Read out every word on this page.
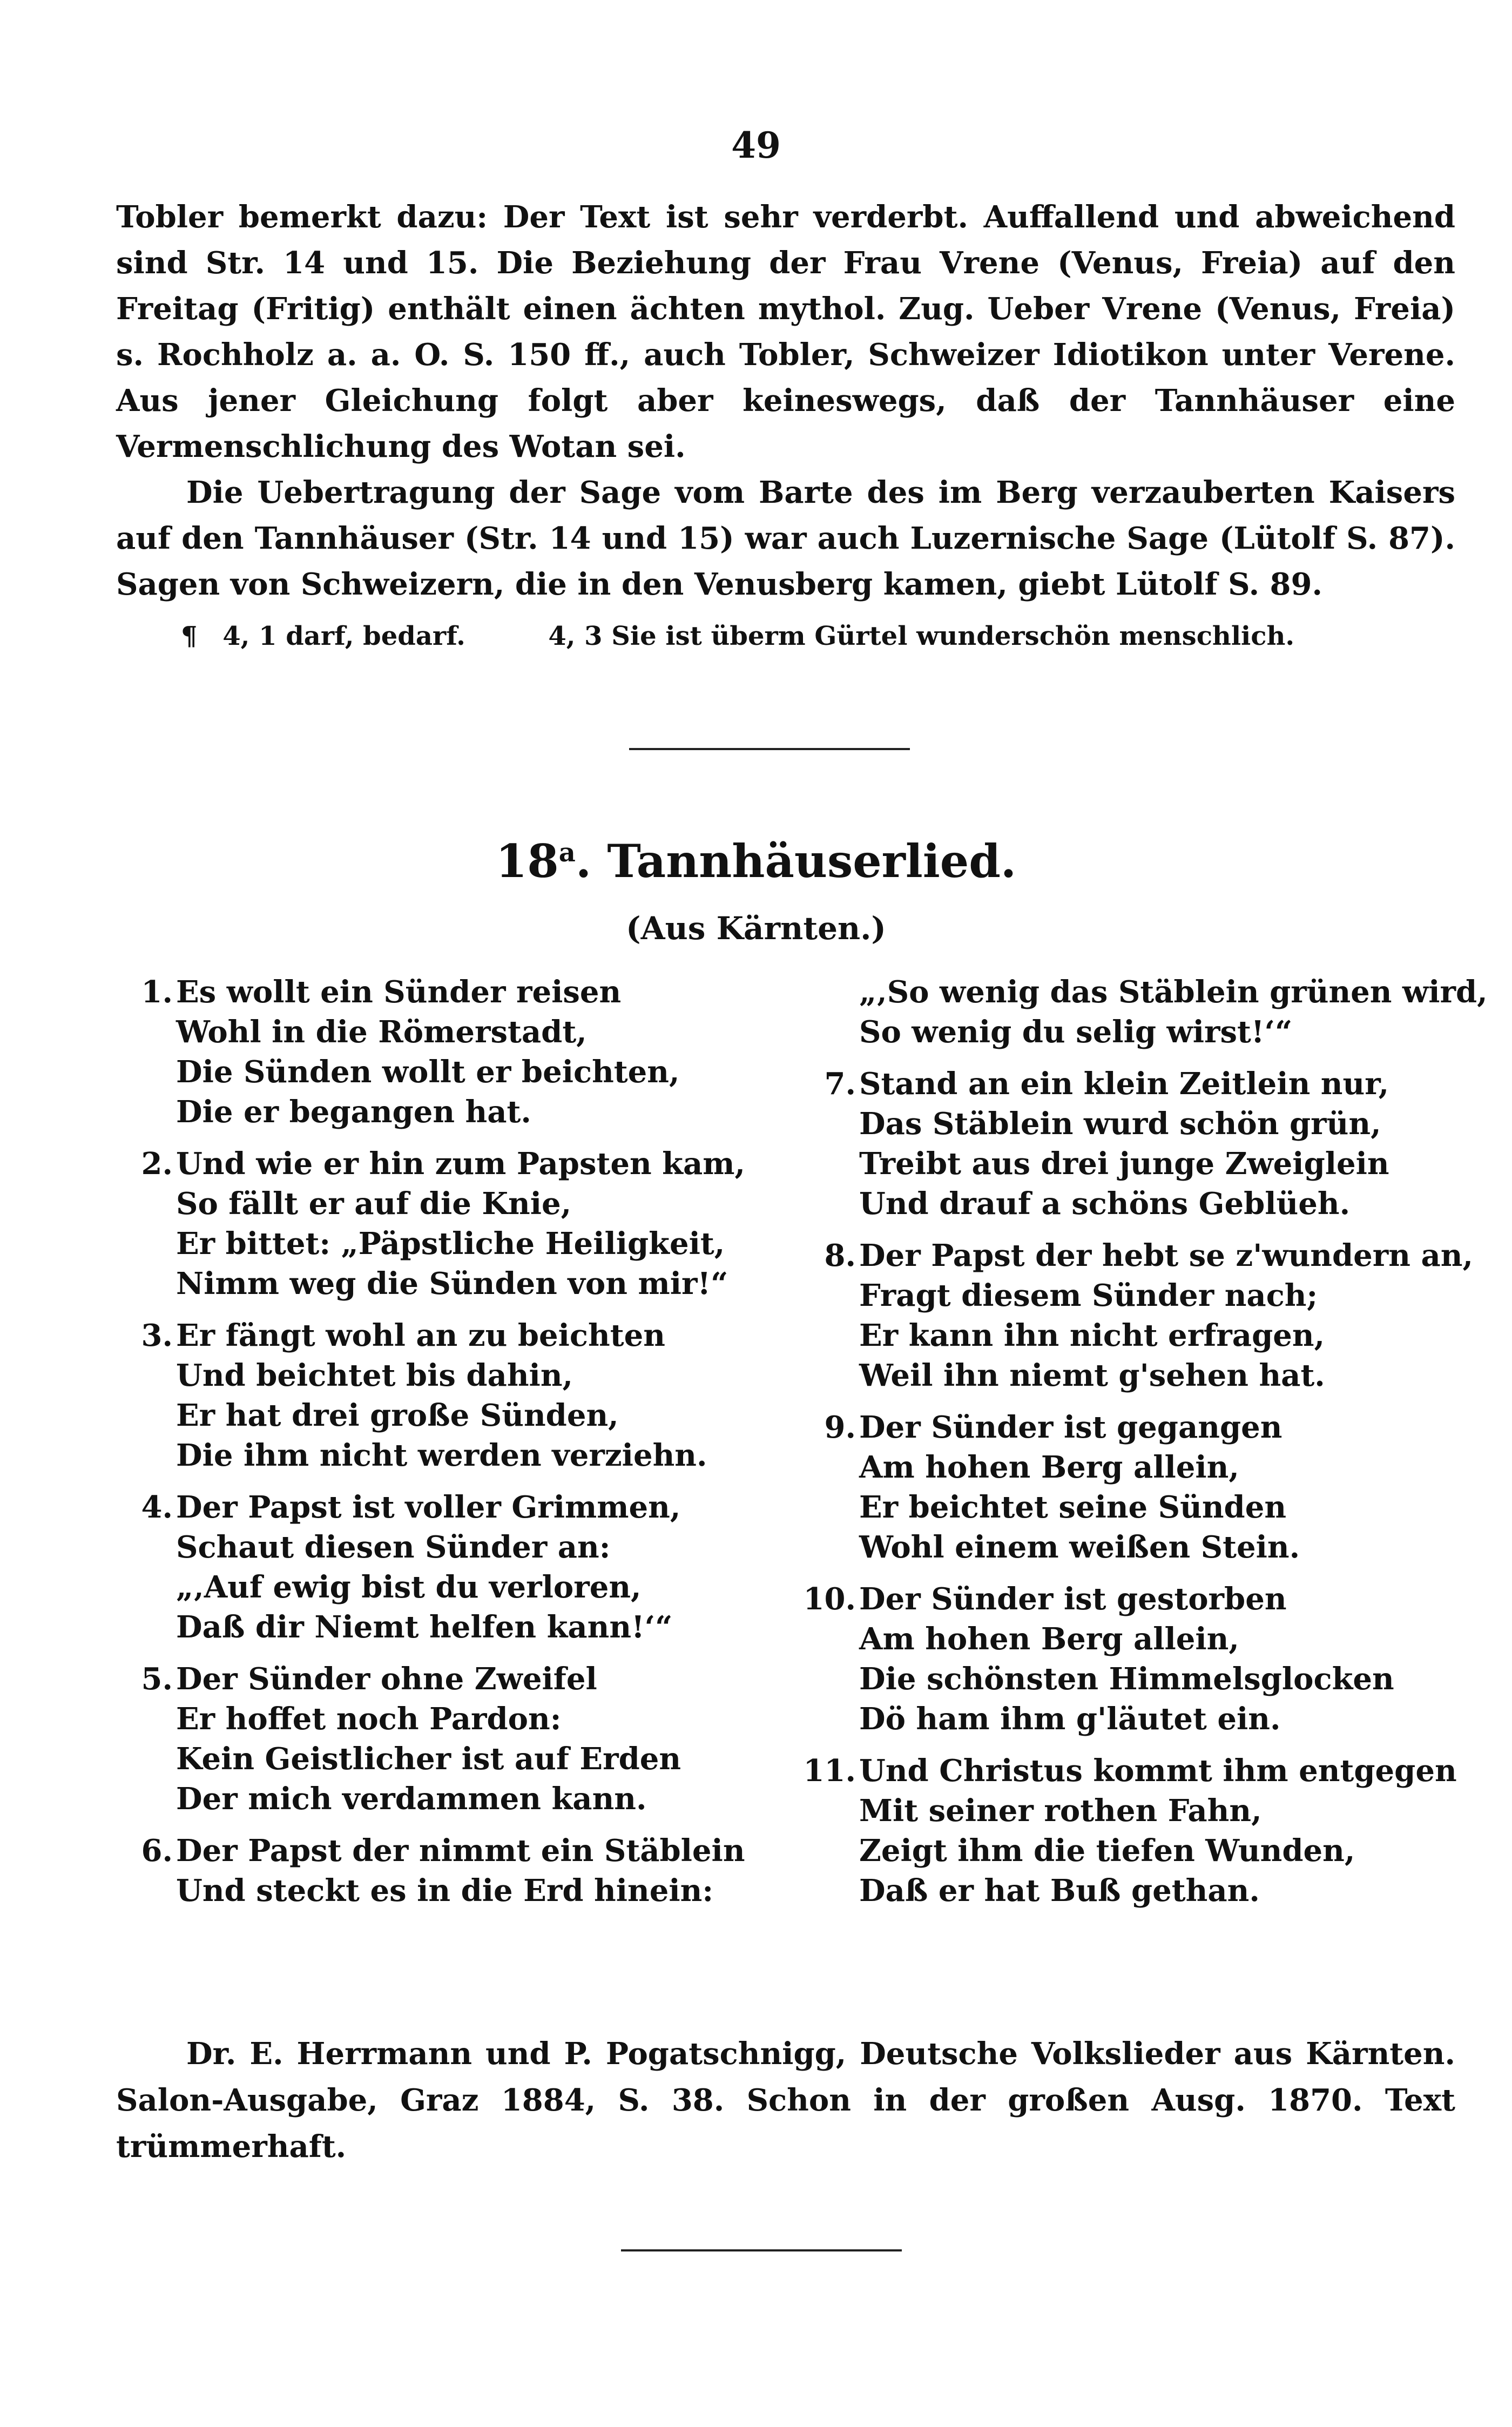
49

Tobler bemerkt dazu: Der Text ist sehr verderbt. Auffallend und abweichend sind Str. 14 und 15. Die Beziehung der Frau Vrene (Venus, Freia) auf den Freitag (Fritig) enthält einen ächten mythol. Zug. Ueber Vrene (Venus, Freia) s. Rochholz a. a. O. S. 150 ff., auch Tobler, Schweizer Idiotikon unter Verene. Aus jener Gleichung folgt aber keineswegs, daß der Tannhäuser eine Vermenschlichung des Wotan sei.

Die Uebertragung der Sage vom Barte des im Berg verzauberten Kaisers auf den Tannhäuser (Str. 14 und 15) war auch Luzernische Sage (Lütolf S. 87). Sagen von Schweizern, die in den Venusberg kamen, giebt Lütolf S. 89.

¶ 4, 1 darf, bedarf.	4, 3 Sie ist überm Gürtel wunderschön menschlich.
18$^a$. Tannhäuserlied.
(Aus Kärnten.)
1. Es wollt ein Sünder reisen
Wohl in die Römerstadt,
Die Sünden wollt er beichten,
Die er begangen hat.
2. Und wie er hin zum Papsten kam,
So fällt er auf die Knie,
Er bittet: „Päpstliche Heiligkeit,
Nimm weg die Sünden von mir!“
3. Er fängt wohl an zu beichten
Und beichtet bis dahin,
Er hat drei große Sünden,
Die ihm nicht werden verziehn.
4. Der Papst ist voller Grimmen,
Schaut diesen Sünder an:
„‚Auf ewig bist du verloren,
Daß dir Niemt helfen kann!‘“
5. Der Sünder ohne Zweifel
Er hoffet noch Pardon:
Kein Geistlicher ist auf Erden
Der mich verdammen kann.
6. Der Papst der nimmt ein Stäblein
Und steckt es in die Erd hinein:
„‚So wenig das Stäblein grünen wird,
So wenig du selig wirst!‘“
7. Stand an ein klein Zeitlein nur,
Das Stäblein wurd schön grün,
Treibt aus drei junge Zweiglein
Und drauf a schöns Geblüeh.
8. Der Papst der hebt se z'wundern an,
Fragt diesem Sünder nach;
Er kann ihn nicht erfragen,
Weil ihn niemt g'sehen hat.
9. Der Sünder ist gegangen
Am hohen Berg allein,
Er beichtet seine Sünden
Wohl einem weißen Stein.
10. Der Sünder ist gestorben
Am hohen Berg allein,
Die schönsten Himmelsglocken
Dö ham ihm g'läutet ein.
11. Und Christus kommt ihm entgegen
Mit seiner rothen Fahn,
Zeigt ihm die tiefen Wunden,
Daß er hat Buß gethan.

Dr. E. Herrmann und P. Pogatschnigg, Deutsche Volkslieder aus Kärnten. Salon-Ausgabe, Graz 1884, S. 38. Schon in der großen Ausg. 1870. Text trümmerhaft.
